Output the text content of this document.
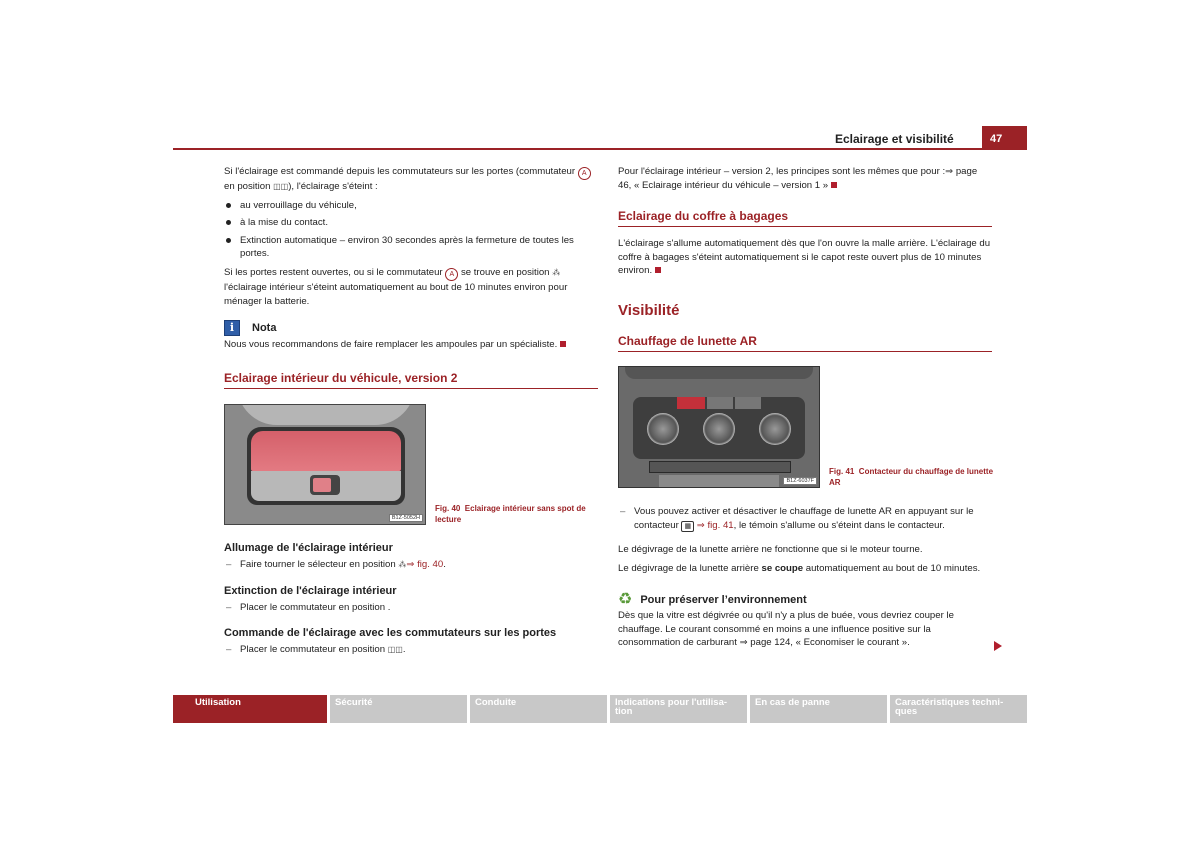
Eclairage et visibilité	47
Si l'éclairage est commandé depuis les commutateurs sur les portes (commutateur A en position ◫◫), l'éclairage s'éteint :
au verrouillage du véhicule,
à la mise du contact.
Extinction automatique – environ 30 secondes après la fermeture de toutes les portes.
Si les portes restent ouvertes, ou si le commutateur A se trouve en position ⁂ l'éclairage intérieur s'éteint automatiquement au bout de 10 minutes environ pour ménager la batterie.
i	Nota
Nous vous recommandons de faire remplacer les ampoules par un spécialiste.
Eclairage intérieur du véhicule, version 2
B1Z-5052H
Fig. 40 Eclairage intérieur sans spot de lecture
Allumage de l'éclairage intérieur
– Faire tourner le sélecteur en position ⁂⇒ fig. 40.
Extinction de l'éclairage intérieur
– Placer le commutateur en position .
Commande de l'éclairage avec les commutateurs sur les portes
– Placer le commutateur en position ◫◫.
Pour l'éclairage intérieur – version 2, les principes sont les mêmes que pour :⇒ page 46, « Eclairage intérieur du véhicule – version 1 »
Eclairage du coffre à bagages
L'éclairage s'allume automatiquement dès que l'on ouvre la malle arrière. L'éclairage du coffre à bagages s'éteint automatiquement si le capot reste ouvert plus de 10 minutes environ.
Visibilité
Chauffage de lunette AR
B1Z-6037F
Fig. 41 Contacteur du chauffage de lunette AR
– Vous pouvez activer et désactiver le chauffage de lunette AR en appuyant sur le contacteur ▦ ⇒ fig. 41, le témoin s'allume ou s'éteint dans le contacteur.
Le dégivrage de la lunette arrière ne fonctionne que si le moteur tourne.
Le dégivrage de la lunette arrière se coupe automatiquement au bout de 10 minutes.
♻ Pour préserver l’environnement
Dès que la vitre est dégivrée ou qu'il n'y a plus de buée, vous devriez couper le chauffage. Le courant consommé en moins a une influence positive sur la consommation de carburant ⇒ page 124, « Economiser le courant ».
Utilisation	Sécurité	Conduite	Indications pour l'utilisa- tion
En cas de panne	Caractéristiques techni- ques
